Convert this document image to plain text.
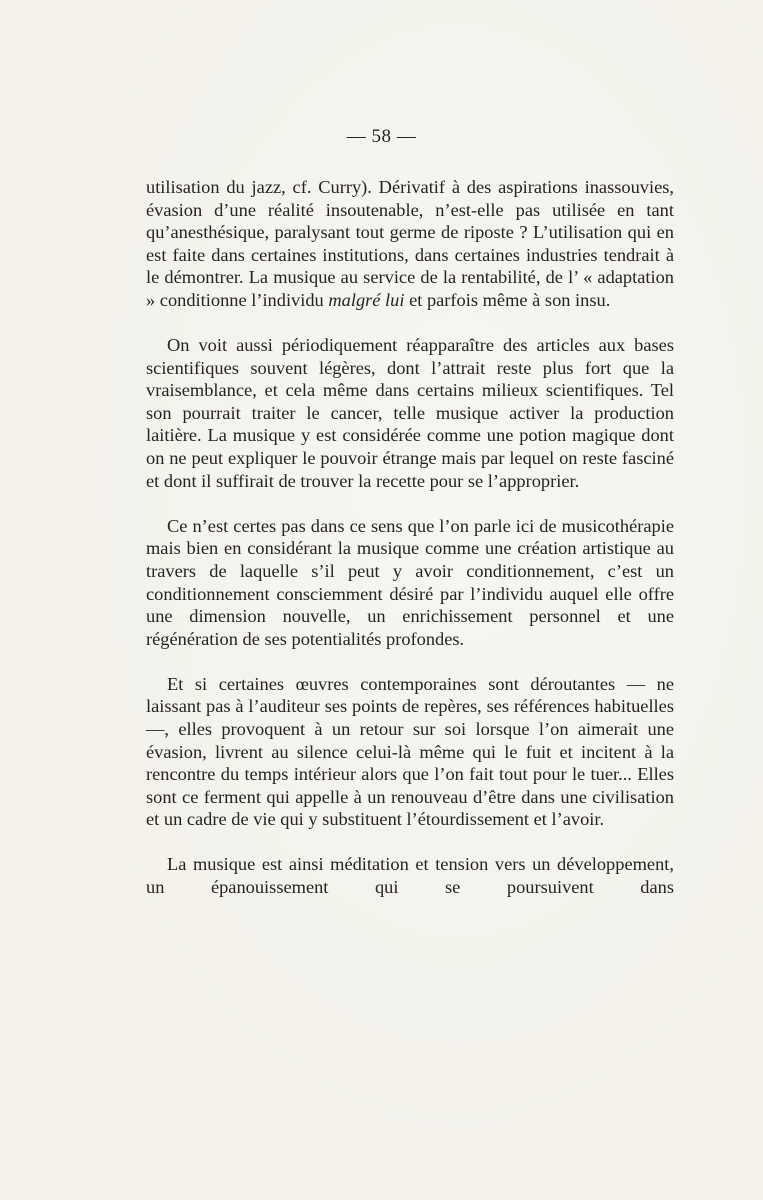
— 58 —

utilisation du jazz, cf. Curry). Dérivatif à des aspirations inassouvies, évasion d’une réalité insoutenable, n’est-elle pas utilisée en tant qu’anesthésique, paralysant tout germe de riposte ? L’utilisation qui en est faite dans certaines institutions, dans certaines industries tendrait à le démontrer. La musique au service de la rentabilité, de l’ « adaptation » conditionne l’individu malgré lui et parfois même à son insu.

On voit aussi périodiquement réapparaître des articles aux bases scientifiques souvent légères, dont l’attrait reste plus fort que la vraisemblance, et cela même dans certains milieux scientifiques. Tel son pourrait traiter le cancer, telle musique activer la production laitière. La musique y est considérée comme une potion magique dont on ne peut expliquer le pouvoir étrange mais par lequel on reste fasciné et dont il suffirait de trouver la recette pour se l’approprier.

Ce n’est certes pas dans ce sens que l’on parle ici de musicothérapie mais bien en considérant la musique comme une création artistique au travers de laquelle s’il peut y avoir conditionnement, c’est un conditionnement consciemment désiré par l’individu auquel elle offre une dimension nouvelle, un enrichissement personnel et une régénération de ses potentialités profondes.

Et si certaines œuvres contemporaines sont déroutantes — ne laissant pas à l’auditeur ses points de repères, ses références habituelles —, elles provoquent à un retour sur soi lorsque l’on aimerait une évasion, livrent au silence celui-là même qui le fuit et incitent à la rencontre du temps intérieur alors que l’on fait tout pour le tuer... Elles sont ce ferment qui appelle à un renouveau d’être dans une civilisation et un cadre de vie qui y substituent l’étourdissement et l’avoir.

La musique est ainsi méditation et tension vers un développement, un épanouissement qui se poursuivent dans
